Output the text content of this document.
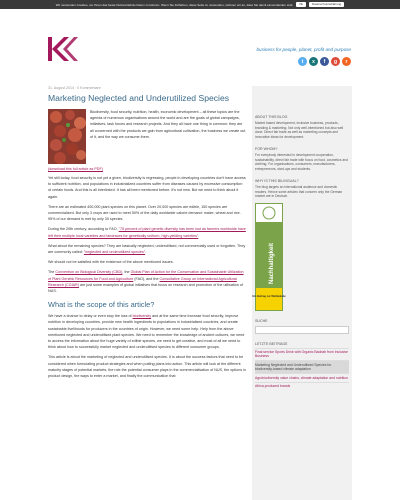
Wir verwenden Cookies, um Ihnen das beste Nutzererlebnis bieten zu können. Wenn Sie fortfahren, diese Seite zu verwenden, nehmen wir an, dass Sie damit einverstanden sind.	Ok	Datenschutzerklärung
business for people, planet, profit and purpose
t x f g r
31. August 2014 · 0 Kommentare
Marketing Neglected and Underutilized Species

Biodiversity, food security, nutrition, health, economic development – all these topics are the agenda of numerous organisations around the world and are the goals of global campaigns, initiatives, task forces and research projects. And they all have one thing in common: they are all concerned with the products we gain from agricultural cultivation, the business we create out of it, and the way we consume them.

(download this full article as PDF)

Yet still today, food security is not yet a given, biodiversity is regressing, people in developing countries don't have access to sufficient nutrition, and populations in industrialized countries suffer from diseases caused by excessive consumption of certain foods. And this is all interlinked. It has all been mentioned before. It's not new. But we need to think about it again.

There are an estimated 400,000 plant species on this planet. Over 20,000 species are edible, 150 species are commercialized. But only 3 crops are used to meet 50% of the daily worldwide calorie demand: maize, wheat and rice. 95% of our demand is met by only 30 species.

During the 20th century, according to FAO, "75 percent of plant genetic diversity has been lost as farmers worldwide have left their multiple local varieties and landraces for genetically uniform, high-yielding varieties".

What about the remaining species? They are basically neglected, underutilised, not commercially used or forgotten. They are commonly called: "neglected and underutilized species".

We should not be satisfied with the existence of the above mentioned issues.

The Convention on Biological Diversity (CBD), the Global Plan of Action for the Conservation and Sustainable Utilization of Plant Genetic Resources for Food and Agriculture (FAO), and the Consultative Group on International Agricultural Research (CGIAR) are just some examples of global initiatives that focus on research and promotion of the utilisation of NUS.

What is the scope of this article?

We have a chance to delay or even stop the loss of biodiversity and at the same time increase food security, improve nutrition in developing countries, provide new health ingredients to populations in industrialised countries, and create sustainable livelihoods for producers in the countries of origin. However, we need some help. Help from the above mentioned neglected and underutilised plant species. We need to remember the knowledge of ancient cultures, we need to access the information about the huge variety of edible species, we need to get creative, and most of all we need to think about how to successfully market neglected and underutilised species to different consumer groups.

This article is about the marketing of neglected and underutilised species. It is about the success factors that need to be considered when formulating product strategies and when putting plans into action. This article will look at the different maturity stages of potential markets, the role the potential consumer plays in the commercialisation of NUS, the options in product design, the ways to enter a market, and finally the communication that

ABOUT THIS BLOG
Market based development, inclusive business, products, branding & marketing. Not only well-intentioned but also well done. Direct fair trade as well as marketing concepts and innovative ideas for development.
FOR WHOM?
For everybody interested in development cooperation, sustainability, direct fair trade with focus on food, cosmetics and clothing. For organisations, consumers, manufacturers, entrepreneurs, start-ups and students.
WHY IS THIS BILINGUAL?
The blog targets an international audience and domestic readers. Hence some articles that concern only the German market are in Deutsch.
Nachhaltigkeit
Ein Beitrag zur Weltdekade
SUCHE
LETZTE BEITRÄGE
Final service Sports Drink with Organic Baobab from Inclusive Business
Marketing Neglected and Underutilized Species for biodiversity-based climate adaptation
Agrobiodiversity value chains, climate adaptation and nutrition
Africa-produced brands
